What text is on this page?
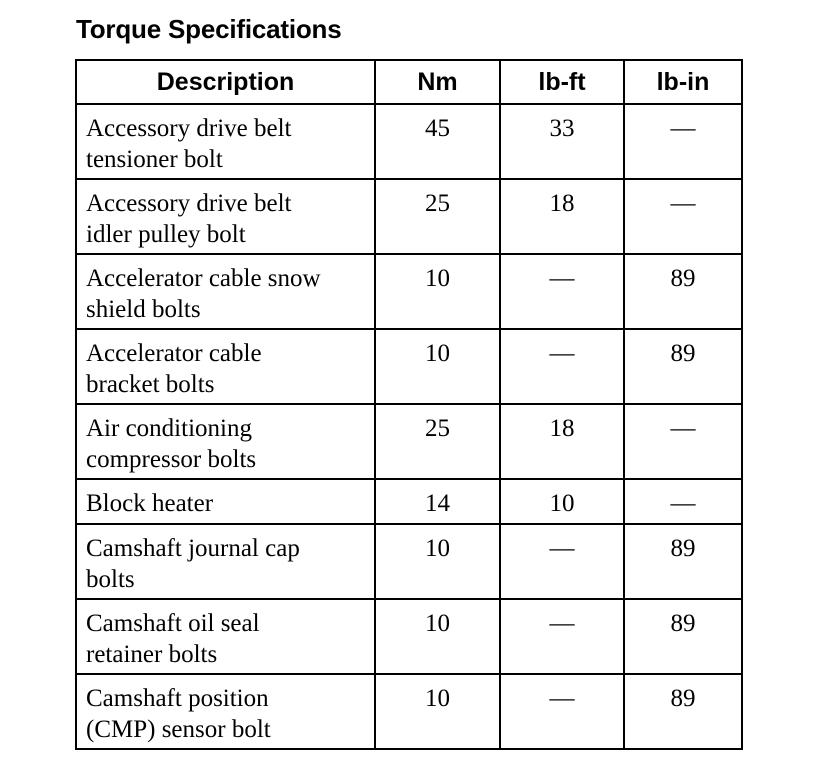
Torque Specifications
Description	Nm	lb-ft	lb-in

Accessory drive belt
tensioner bolt	45	33	—

Accessory drive belt
idler pulley bolt	25	18	—

Accelerator cable snow
shield bolts	10	—	89

Accelerator cable
bracket bolts	10	—	89

Air conditioning
compressor bolts	25	18	—

Block heater	14	10	—

Camshaft journal cap
bolts	10	—	89

Camshaft oil seal
retainer bolts	10	—	89

Camshaft position
(CMP) sensor bolt	10	—	89
